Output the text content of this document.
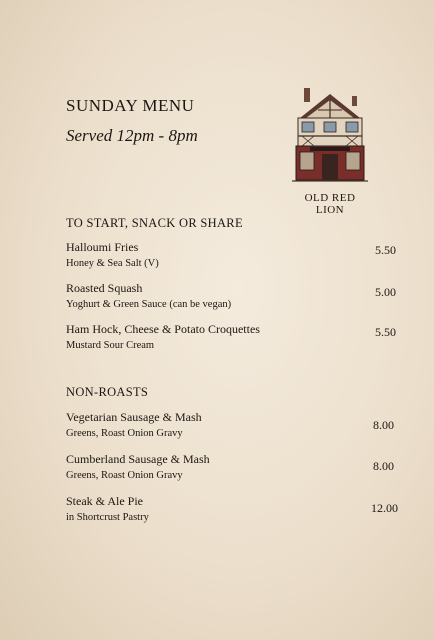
SUNDAY MENU
Served 12pm - 8pm
OLD RED LION
TO START, SNACK OR SHARE
Halloumi Fries
Honey & Sea Salt (V)
5.50
Roasted Squash
Yoghurt & Green Sauce (can be vegan)
5.00
Ham Hock, Cheese & Potato Croquettes
Mustard Sour Cream
5.50
NON-ROASTS
Vegetarian Sausage & Mash
Greens, Roast Onion Gravy
8.00
Cumberland Sausage & Mash
Greens, Roast Onion Gravy
8.00
Steak & Ale Pie
in Shortcrust Pastry
12.00
